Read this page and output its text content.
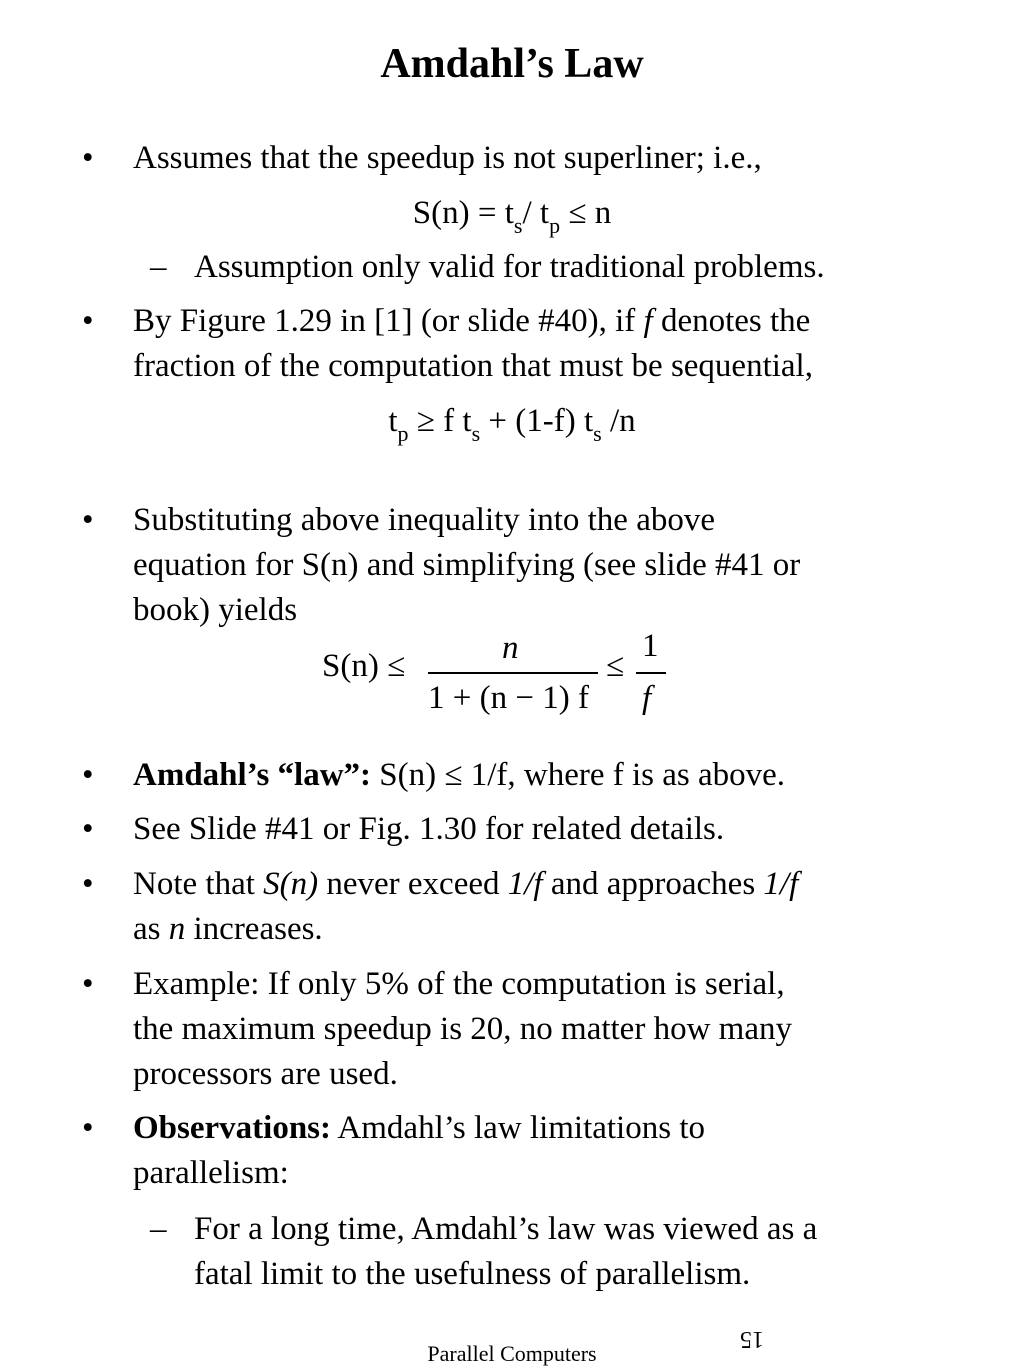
Amdahl’s Law
• Assumes that the speedup is not superliner; i.e.,
$S(n) = t_s/$ $t_p \le n$
– Assumption only valid for traditional problems.
• By Figure 1.29 in [1] (or slide #40), if f denotes the
fraction of the computation that must be sequential,
$t_p \ge f$ $t_s + (1-f)$ $t_s$ /n
• Substituting above inequality into the above
equation for S(n) and simplifying (see slide #41 or
book) yields
S(n) ≤	n
1 + (n − 1) f
≤
1
f
• Amdahl’s “law”: S(n) ≤ 1/f, where f is as above.
• See Slide #41 or Fig. 1.30 for related details.
• Note that S(n) never exceed 1/f and approaches 1/f
as n increases.
• Example: If only 5% of the computation is serial,
the maximum speedup is 20, no matter how many
processors are used.
• Observations: Amdahl’s law limitations to
parallelism:
– For a long time, Amdahl’s law was viewed as a
fatal limit to the usefulness of parallelism.
Parallel Computers
15
